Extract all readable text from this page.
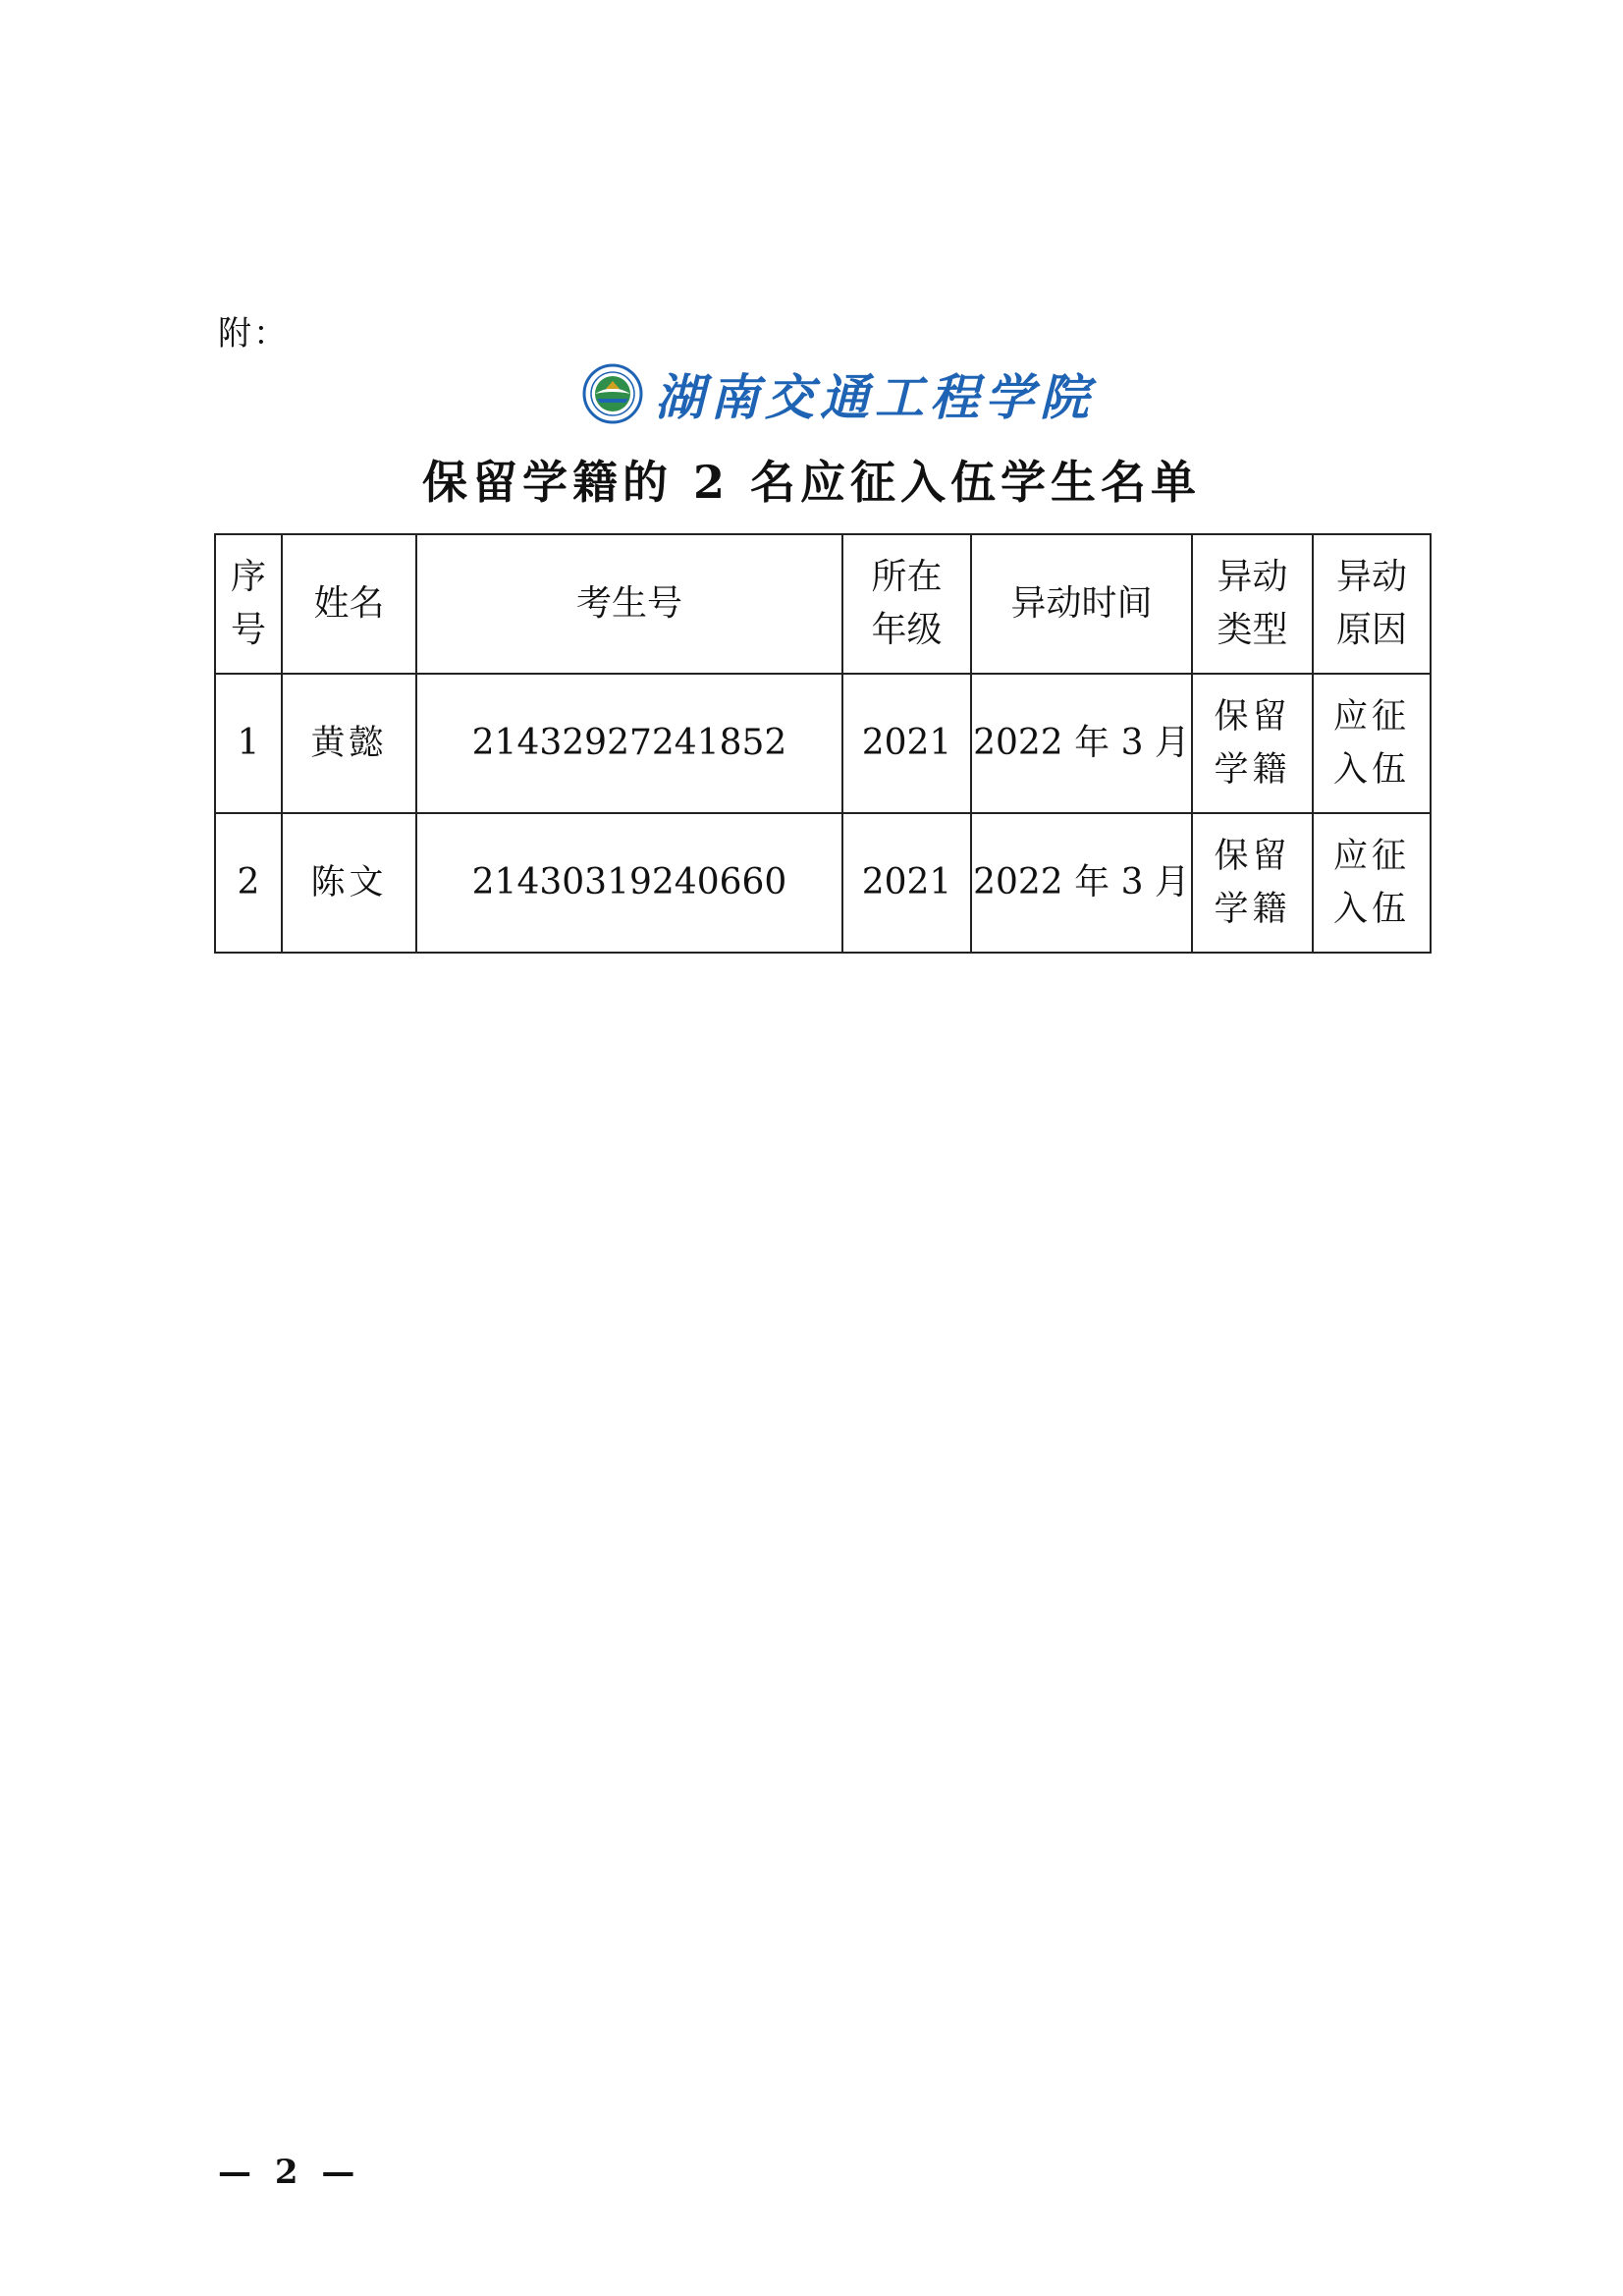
附：
湖南交通工程学院
保留学籍的 2 名应征入伍学生名单
序号	姓名	考生号	所在年级	异动时间	异动类型	异动原因
1	黄懿	21432927241852	2021	2022 年 3 月	保留学籍	应征入伍
2	陈文	21430319240660	2021	2022 年 3 月	保留学籍	应征入伍
— 2 —
